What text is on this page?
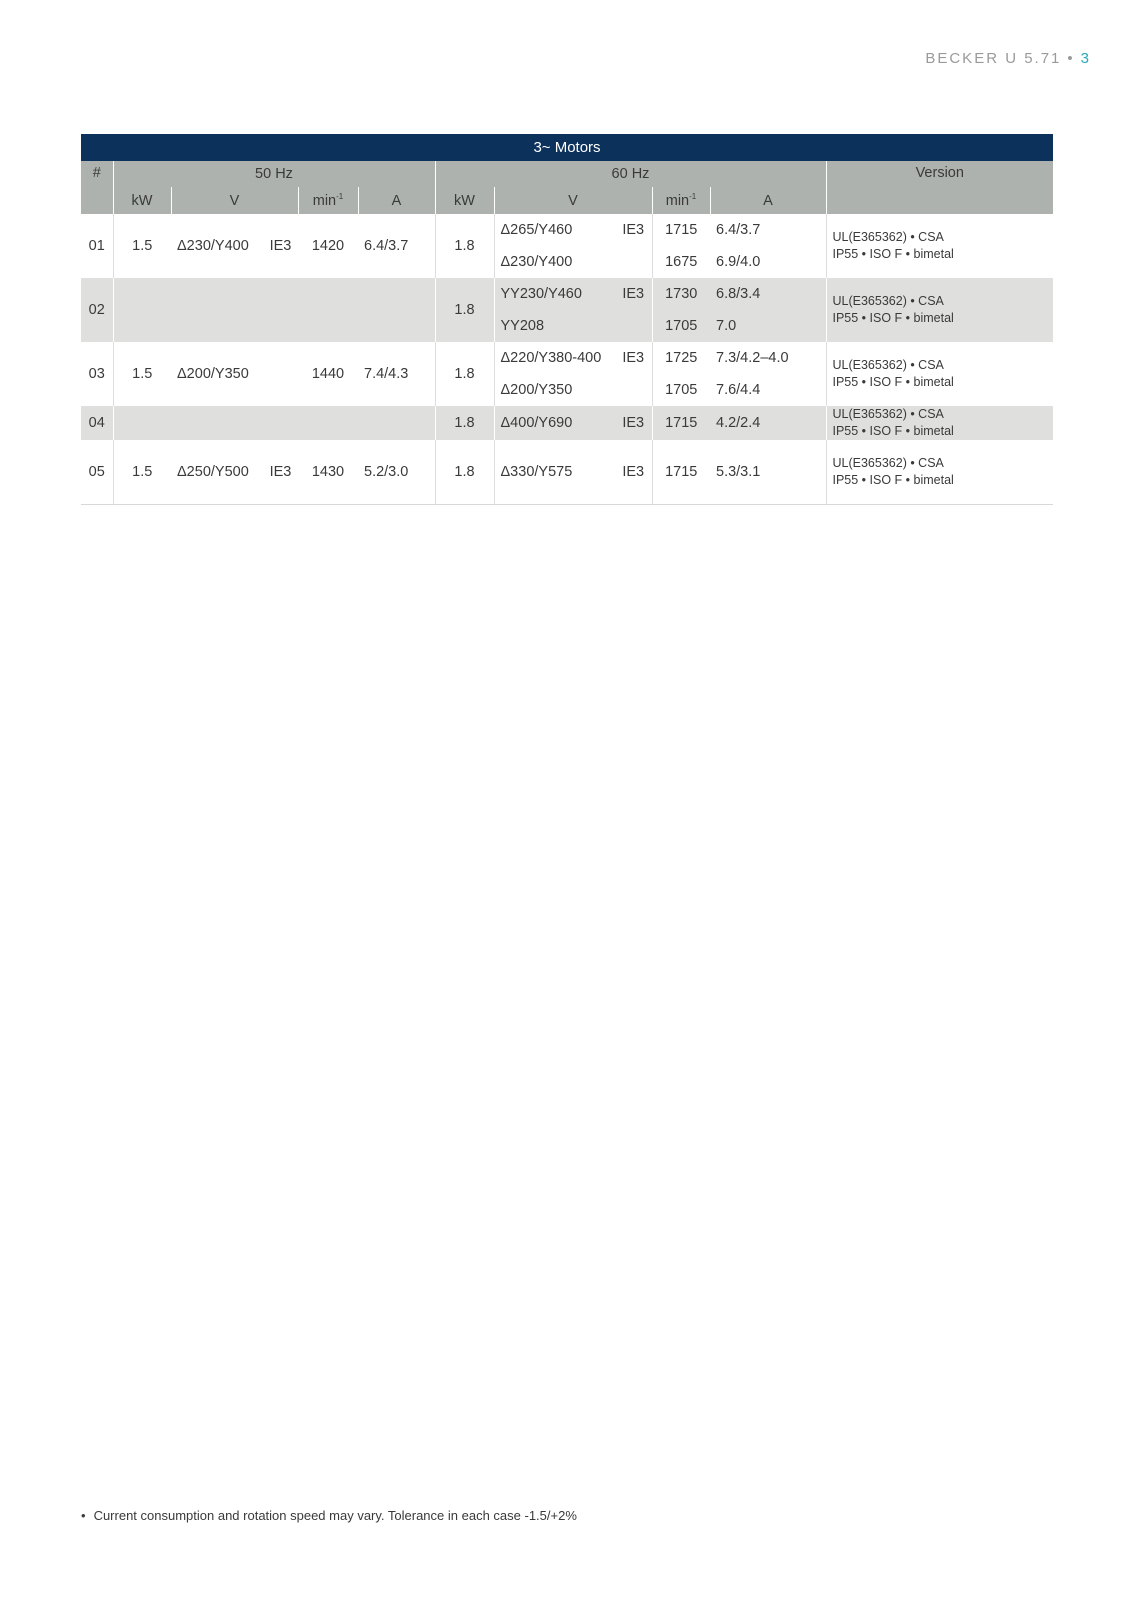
BECKER U 5.71 • 3
3~ Motors											
#	50 Hz					60 Hz					Version
	kW	V		$\min^{-1}$	A	kW	V		$\min^{-1}$	A	
01	1.5	Δ230/Y400	IE3	1420	6.4/3.7	1.8	Δ265/Y460	IE3	1715	6.4/3.7	UL(E365362) • CSA
IP55 • ISO F • bimetal

							Δ230/Y400		1675	6.9/4.0	
02						1.8	YY230/Y460	IE3	1730	6.8/3.4	UL(E365362) • CSA
IP55 • ISO F • bimetal

							YY208		1705	7.0	
03	1.5	Δ200/Y350		1440	7.4/4.3	1.8	Δ220/Y380-400	IE3	1725	7.3/4.2–4.0	UL(E365362) • CSA
IP55 • ISO F • bimetal

							Δ200/Y350		1705	7.6/4.4	
04						1.8	Δ400/Y690	IE3	1715	4.2/2.4	UL(E365362) • CSA
IP55 • ISO F • bimetal

05	1.5	Δ250/Y500	IE3	1430	5.2/3.0	1.8	Δ330/Y575	IE3	1715	5.3/3.1	UL(E365362) • CSA
IP55 • ISO F • bimetal
• Current consumption and rotation speed may vary. Tolerance in each case -1.5/+2%
